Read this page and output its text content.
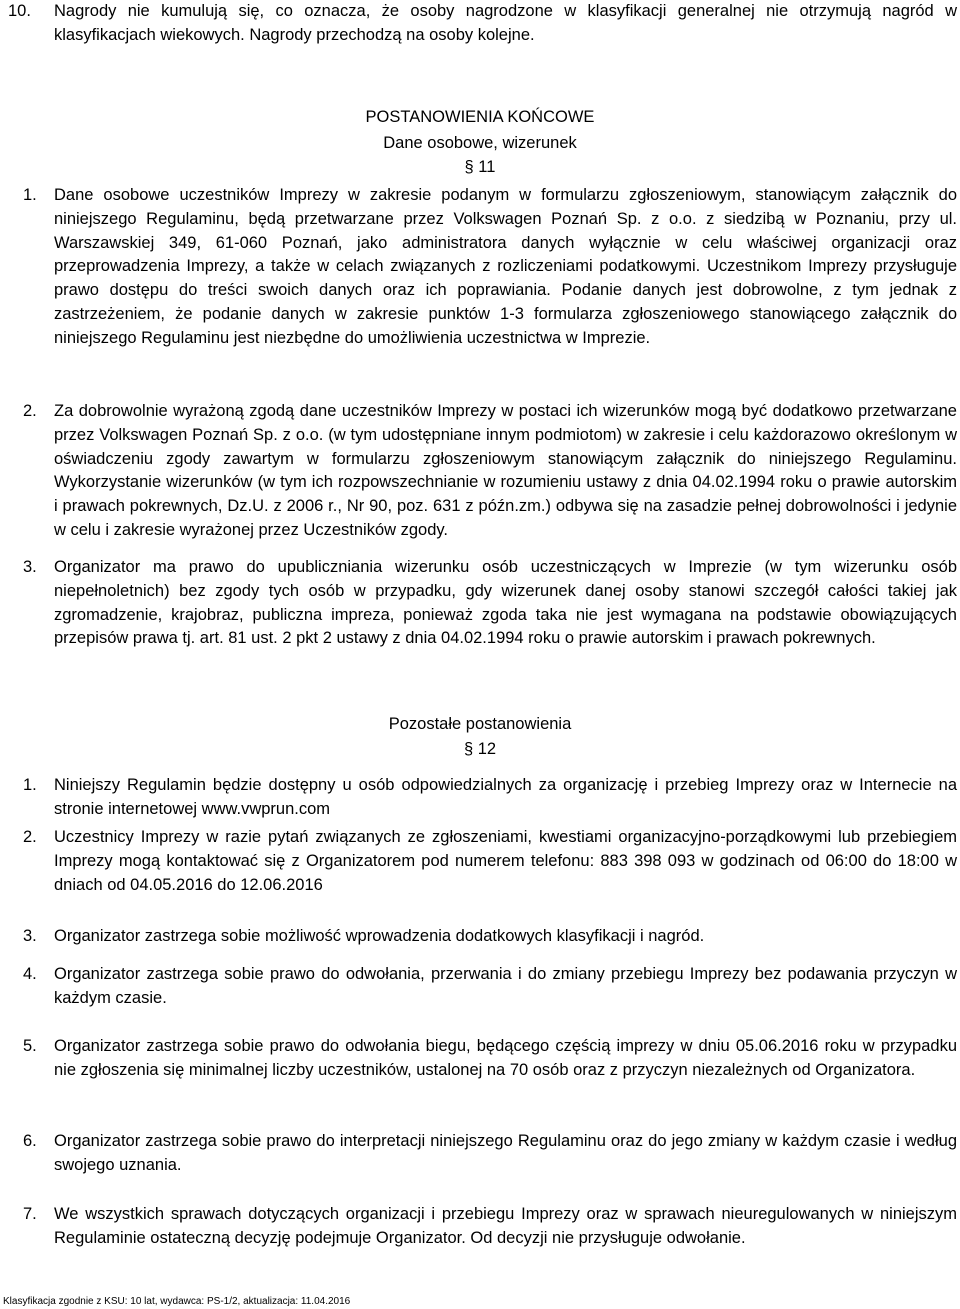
10.	Nagrody nie kumulują się, co oznacza, że osoby nagrodzone w klasyfikacji generalnej nie otrzymują nagród w klasyfikacjach wiekowych. Nagrody przechodzą na osoby kolejne.
POSTANOWIENIA KOŃCOWE
Dane osobowe, wizerunek
§ 11
1.	Dane osobowe uczestników Imprezy w zakresie podanym w formularzu zgłoszeniowym, stanowiącym załącznik do niniejszego Regulaminu, będą przetwarzane przez Volkswagen Poznań Sp. z o.o. z siedzibą w Poznaniu, przy ul. Warszawskiej 349, 61-060 Poznań, jako administratora danych wyłącznie w celu właściwej organizacji oraz przeprowadzenia Imprezy, a także w celach związanych z rozliczeniami podatkowymi. Uczestnikom Imprezy przysługuje prawo dostępu do treści swoich danych oraz ich poprawiania. Podanie danych jest dobrowolne, z tym jednak z zastrzeżeniem, że podanie danych w zakresie punktów 1-3 formularza zgłoszeniowego stanowiącego załącznik do niniejszego Regulaminu jest niezbędne do umożliwienia uczestnictwa w Imprezie.
2.	Za dobrowolnie wyrażoną zgodą dane uczestników Imprezy w postaci ich wizerunków mogą być dodatkowo przetwarzane przez Volkswagen Poznań Sp. z o.o. (w tym udostępniane innym podmiotom) w zakresie i celu każdorazowo określonym w oświadczeniu zgody zawartym w formularzu zgłoszeniowym stanowiącym załącznik do niniejszego Regulaminu. Wykorzystanie wizerunków (w tym ich rozpowszechnianie w rozumieniu ustawy z dnia 04.02.1994 roku o prawie autorskim i prawach pokrewnych, Dz.U. z 2006 r., Nr 90, poz. 631 z późn.zm.) odbywa się na zasadzie pełnej dobrowolności i jedynie w celu i zakresie wyrażonej przez Uczestników zgody.
3.	Organizator ma prawo do upubliczniania wizerunku osób uczestniczących w Imprezie (w tym wizerunku osób niepełnoletnich) bez zgody tych osób w przypadku, gdy wizerunek danej osoby stanowi szczegół całości takiej jak zgromadzenie, krajobraz, publiczna impreza, ponieważ zgoda taka nie jest wymagana na podstawie obowiązujących przepisów prawa tj. art. 81 ust. 2 pkt 2 ustawy z dnia 04.02.1994 roku o prawie autorskim i prawach pokrewnych.
Pozostałe postanowienia
§ 12
1.	Niniejszy Regulamin będzie dostępny u osób odpowiedzialnych za organizację i przebieg Imprezy oraz w Internecie na stronie internetowej www.vwprun.com
2.	Uczestnicy Imprezy w razie pytań związanych ze zgłoszeniami, kwestiami organizacyjno-porządkowymi lub przebiegiem Imprezy mogą kontaktować się z Organizatorem pod numerem telefonu: 883 398 093 w godzinach od 06:00 do 18:00 w dniach od 04.05.2016 do 12.06.2016
3.	Organizator zastrzega sobie możliwość wprowadzenia dodatkowych klasyfikacji i nagród.
4.	Organizator zastrzega sobie prawo do odwołania, przerwania i do zmiany przebiegu Imprezy bez podawania przyczyn w każdym czasie.
5.	Organizator zastrzega sobie prawo do odwołania biegu, będącego częścią imprezy w dniu 05.06.2016 roku w przypadku nie zgłoszenia się minimalnej liczby uczestników, ustalonej na 70 osób oraz z przyczyn niezależnych od Organizatora.
6.	Organizator zastrzega sobie prawo do interpretacji niniejszego Regulaminu oraz do jego zmiany w każdym czasie i według swojego uznania.
7.	We wszystkich sprawach dotyczących organizacji i przebiegu Imprezy oraz w sprawach nieuregulowanych w niniejszym Regulaminie ostateczną decyzję podejmuje Organizator. Od decyzji nie przysługuje odwołanie.
Klasyfikacja zgodnie z KSU: 10 lat, wydawca: PS-1/2, aktualizacja: 11.04.2016
